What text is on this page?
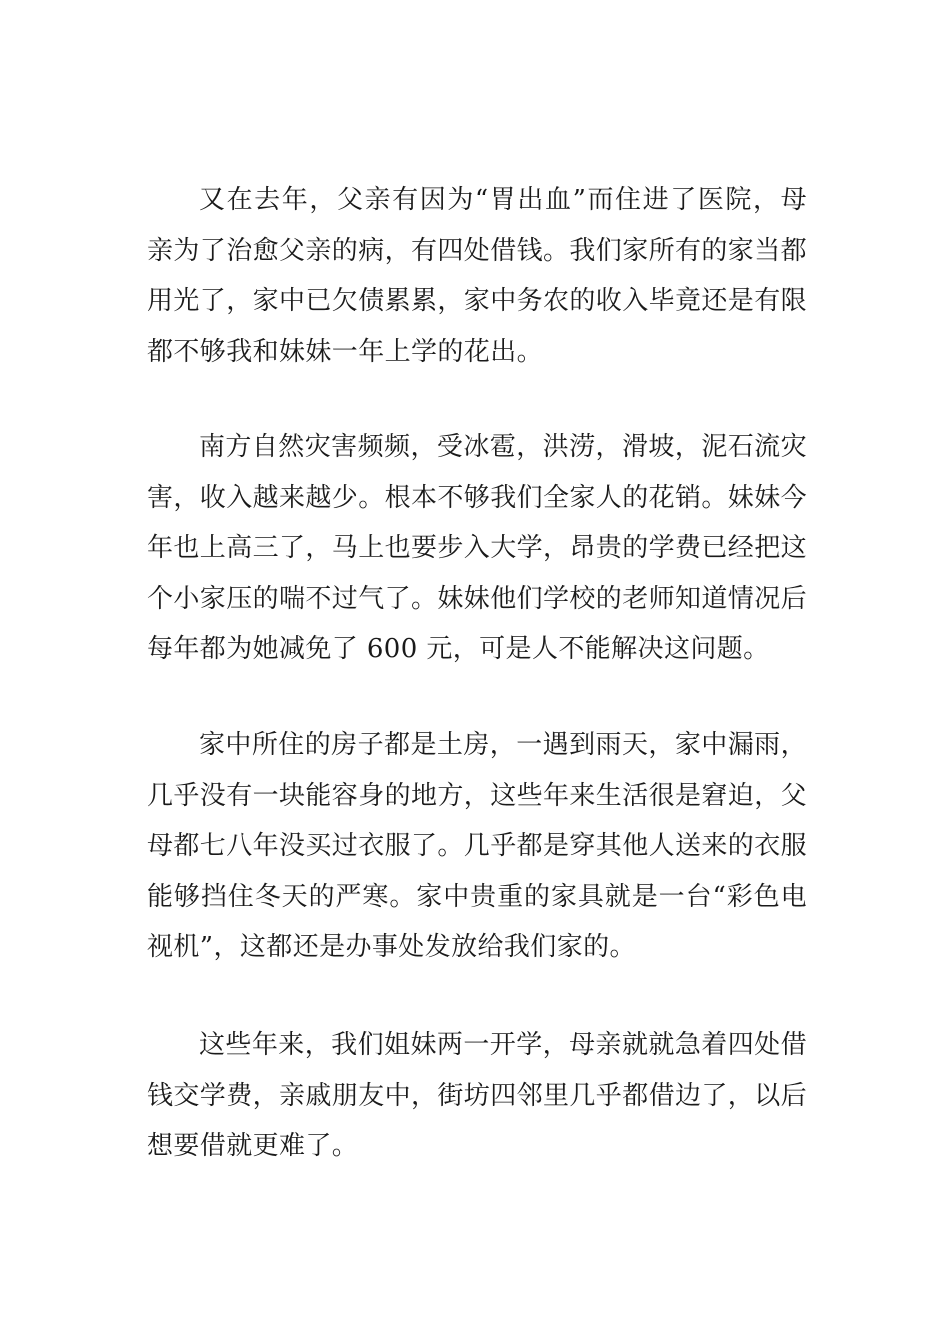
又在去年，父亲有因为“胃出血”而住进了医院，母亲为了治愈父亲的病，有四处借钱。我们家所有的家当都用光了，家中已欠债累累，家中务农的收入毕竟还是有限都不够我和妹妹一年上学的花出。

南方自然灾害频频，受冰雹，洪涝，滑坡，泥石流灾害，收入越来越少。根本不够我们全家人的花销。妹妹今年也上高三了，马上也要步入大学，昂贵的学费已经把这个小家压的喘不过气了。妹妹他们学校的老师知道情况后每年都为她减免了 600 元，可是人不能解决这问题。

家中所住的房子都是土房，一遇到雨天，家中漏雨，几乎没有一块能容身的地方，这些年来生活很是窘迫，父母都七八年没买过衣服了。几乎都是穿其他人送来的衣服能够挡住冬天的严寒。家中贵重的家具就是一台“彩色电视机”，这都还是办事处发放给我们家的。

这些年来，我们姐妹两一开学，母亲就就急着四处借钱交学费，亲戚朋友中，街坊四邻里几乎都借边了，以后想要借就更难了。
